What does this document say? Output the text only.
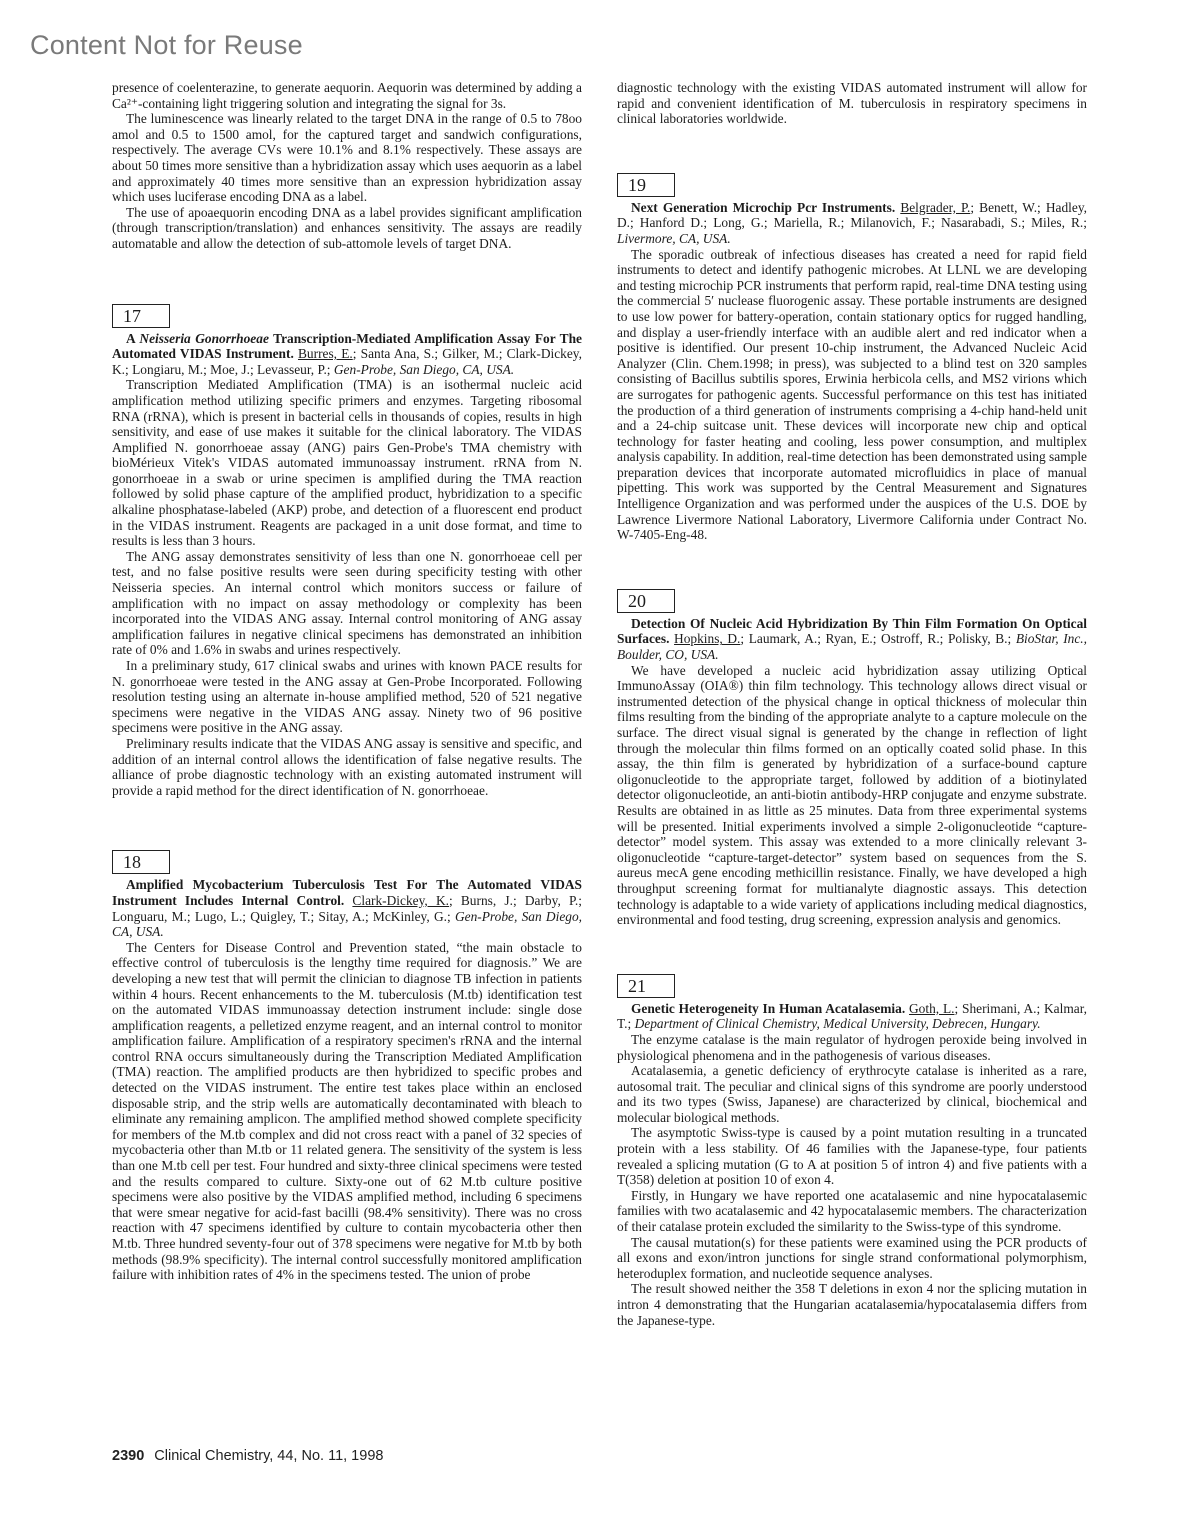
Content Not for Reuse

presence of coelenterazine, to generate aequorin. Aequorin was determined by adding a Ca²⁺-containing light triggering solution and integrating the signal for 3s.

The luminescence was linearly related to the target DNA in the range of 0.5 to 78oo amol and 0.5 to 1500 amol, for the captured target and sandwich configurations, respectively. The average CVs were 10.1% and 8.1% respectively. These assays are about 50 times more sensitive than a hybridization assay which uses aequorin as a label and approximately 40 times more sensitive than an expression hybridization assay which uses luciferase encoding DNA as a label.

The use of apoaequorin encoding DNA as a label provides significant amplification (through transcription/translation) and enhances sensitivity. The assays are readily automatable and allow the detection of sub-attomole levels of target DNA.

17

A Neisseria Gonorrhoeae Transcription-Mediated Amplification Assay For The Automated VIDAS Instrument. Burres, E.; Santa Ana, S.; Gilker, M.; Clark-Dickey, K.; Longiaru, M.; Moe, J.; Levasseur, P.; Gen-Probe, San Diego, CA, USA.

Transcription Mediated Amplification (TMA) is an isothermal nucleic acid amplification method utilizing specific primers and enzymes. Targeting ribosomal RNA (rRNA), which is present in bacterial cells in thousands of copies, results in high sensitivity, and ease of use makes it suitable for the clinical laboratory. The VIDAS Amplified N. gonorrhoeae assay (ANG) pairs Gen-Probe's TMA chemistry with bioMérieux Vitek's VIDAS automated immunoassay instrument. rRNA from N. gonorrhoeae in a swab or urine specimen is amplified during the TMA reaction followed by solid phase capture of the amplified product, hybridization to a specific alkaline phosphatase-labeled (AKP) probe, and detection of a fluorescent end product in the VIDAS instrument. Reagents are packaged in a unit dose format, and time to results is less than 3 hours.

The ANG assay demonstrates sensitivity of less than one N. gonorrhoeae cell per test, and no false positive results were seen during specificity testing with other Neisseria species. An internal control which monitors success or failure of amplification with no impact on assay methodology or complexity has been incorporated into the VIDAS ANG assay. Internal control monitoring of ANG assay amplification failures in negative clinical specimens has demonstrated an inhibition rate of 0% and 1.6% in swabs and urines respectively.

In a preliminary study, 617 clinical swabs and urines with known PACE results for N. gonorrhoeae were tested in the ANG assay at Gen-Probe Incorporated. Following resolution testing using an alternate in-house amplified method, 520 of 521 negative specimens were negative in the VIDAS ANG assay. Ninety two of 96 positive specimens were positive in the ANG assay.

Preliminary results indicate that the VIDAS ANG assay is sensitive and specific, and addition of an internal control allows the identification of false negative results. The alliance of probe diagnostic technology with an existing automated instrument will provide a rapid method for the direct identification of N. gonorrhoeae.

18

Amplified Mycobacterium Tuberculosis Test For The Automated VIDAS Instrument Includes Internal Control. Clark-Dickey, K.; Burns, J.; Darby, P.; Longuaru, M.; Lugo, L.; Quigley, T.; Sitay, A.; McKinley, G.; Gen-Probe, San Diego, CA, USA.

The Centers for Disease Control and Prevention stated, “the main obstacle to effective control of tuberculosis is the lengthy time required for diagnosis.” We are developing a new test that will permit the clinician to diagnose TB infection in patients within 4 hours. Recent enhancements to the M. tuberculosis (M.tb) identification test on the automated VIDAS immunoassay detection instrument include: single dose amplification reagents, a pelletized enzyme reagent, and an internal control to monitor amplification failure. Amplification of a respiratory specimen's rRNA and the internal control RNA occurs simultaneously during the Transcription Mediated Amplification (TMA) reaction. The amplified products are then hybridized to specific probes and detected on the VIDAS instrument. The entire test takes place within an enclosed disposable strip, and the strip wells are automatically decontaminated with bleach to eliminate any remaining amplicon. The amplified method showed complete specificity for members of the M.tb complex and did not cross react with a panel of 32 species of mycobacteria other than M.tb or 11 related genera. The sensitivity of the system is less than one M.tb cell per test. Four hundred and sixty-three clinical specimens were tested and the results compared to culture. Sixty-one out of 62 M.tb culture positive specimens were also positive by the VIDAS amplified method, including 6 specimens that were smear negative for acid-fast bacilli (98.4% sensitivity). There was no cross reaction with 47 specimens identified by culture to contain mycobacteria other then M.tb. Three hundred seventy-four out of 378 specimens were negative for M.tb by both methods (98.9% specificity). The internal control successfully monitored amplification failure with inhibition rates of 4% in the specimens tested. The union of probe

diagnostic technology with the existing VIDAS automated instrument will allow for rapid and convenient identification of M. tuberculosis in respiratory specimens in clinical laboratories worldwide.

19

Next Generation Microchip Pcr Instruments. Belgrader, P.; Benett, W.; Hadley, D.; Hanford D.; Long, G.; Mariella, R.; Milanovich, F.; Nasarabadi, S.; Miles, R.; Livermore, CA, USA.

The sporadic outbreak of infectious diseases has created a need for rapid field instruments to detect and identify pathogenic microbes. At LLNL we are developing and testing microchip PCR instruments that perform rapid, real-time DNA testing using the commercial 5′ nuclease fluorogenic assay. These portable instruments are designed to use low power for battery-operation, contain stationary optics for rugged handling, and display a user-friendly interface with an audible alert and red indicator when a positive is identified. Our present 10-chip instrument, the Advanced Nucleic Acid Analyzer (Clin. Chem.1998; in press), was subjected to a blind test on 320 samples consisting of Bacillus subtilis spores, Erwinia herbicola cells, and MS2 virions which are surrogates for pathogenic agents. Successful performance on this test has initiated the production of a third generation of instruments comprising a 4-chip hand-held unit and a 24-chip suitcase unit. These devices will incorporate new chip and optical technology for faster heating and cooling, less power consumption, and multiplex analysis capability. In addition, real-time detection has been demonstrated using sample preparation devices that incorporate automated microfluidics in place of manual pipetting. This work was supported by the Central Measurement and Signatures Intelligence Organization and was performed under the auspices of the U.S. DOE by Lawrence Livermore National Laboratory, Livermore California under Contract No. W-7405-Eng-48.

20

Detection Of Nucleic Acid Hybridization By Thin Film Formation On Optical Surfaces. Hopkins, D.; Laumark, A.; Ryan, E.; Ostroff, R.; Polisky, B.; BioStar, Inc., Boulder, CO, USA.

We have developed a nucleic acid hybridization assay utilizing Optical ImmunoAssay (OIA®) thin film technology. This technology allows direct visual or instrumented detection of the physical change in optical thickness of molecular thin films resulting from the binding of the appropriate analyte to a capture molecule on the surface. The direct visual signal is generated by the change in reflection of light through the molecular thin films formed on an optically coated solid phase. In this assay, the thin film is generated by hybridization of a surface-bound capture oligonucleotide to the appropriate target, followed by addition of a biotinylated detector oligonucleotide, an anti-biotin antibody-HRP conjugate and enzyme substrate. Results are obtained in as little as 25 minutes. Data from three experimental systems will be presented. Initial experiments involved a simple 2-oligonucleotide “capture-detector” model system. This assay was extended to a more clinically relevant 3-oligonucleotide “capture-target-detector” system based on sequences from the S. aureus mecA gene encoding methicillin resistance. Finally, we have developed a high throughput screening format for multianalyte diagnostic assays. This detection technology is adaptable to a wide variety of applications including medical diagnostics, environmental and food testing, drug screening, expression analysis and genomics.

21

Genetic Heterogeneity In Human Acatalasemia. Goth, L.; Sherimani, A.; Kalmar, T.; Department of Clinical Chemistry, Medical University, Debrecen, Hungary.

The enzyme catalase is the main regulator of hydrogen peroxide being involved in physiological phenomena and in the pathogenesis of various diseases.

Acatalasemia, a genetic deficiency of erythrocyte catalase is inherited as a rare, autosomal trait. The peculiar and clinical signs of this syndrome are poorly understood and its two types (Swiss, Japanese) are characterized by clinical, biochemical and molecular biological methods.

The asymptotic Swiss-type is caused by a point mutation resulting in a truncated protein with a less stability. Of 46 families with the Japanese-type, four patients revealed a splicing mutation (G to A at position 5 of intron 4) and five patients with a T(358) deletion at position 10 of exon 4.

Firstly, in Hungary we have reported one acatalasemic and nine hypocatalasemic families with two acatalasemic and 42 hypocatalasemic members. The characterization of their catalase protein excluded the similarity to the Swiss-type of this syndrome.

The causal mutation(s) for these patients were examined using the PCR products of all exons and exon/intron junctions for single strand conformational polymorphism, heteroduplex formation, and nucleotide sequence analyses.

The result showed neither the 358 T deletions in exon 4 nor the splicing mutation in intron 4 demonstrating that the Hungarian acatalasemia/hypocatalasemia differs from the Japanese-type.

2390 Clinical Chemistry, 44, No. 11, 1998
